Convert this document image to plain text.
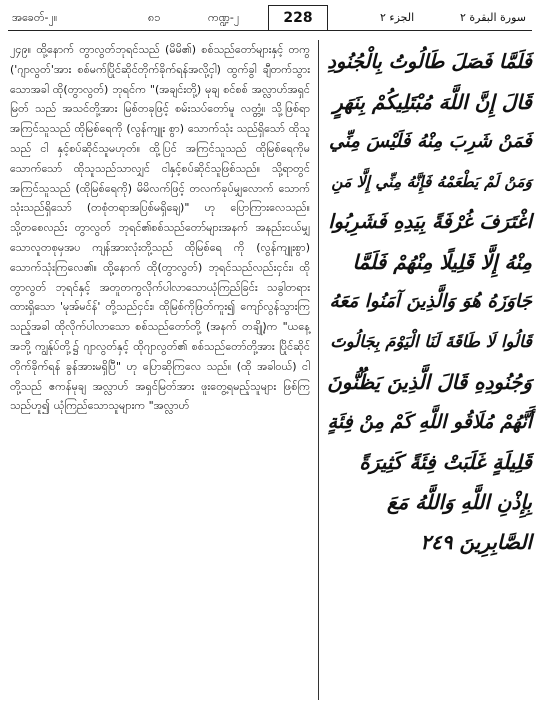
အခေတ်-၂။	၈၁	ကဏ္ဍ-၂	228	الجزء ٢	سورة البقرة ٢

၂၄၉။ ထို့နောက် တွာလွတ်ဘုရင်သည် (မိမိ၏) စစ်သည်တော်များနှင့် တကွ ('ဂျာလွတ်'အား စစ်မက်ပြိုင်ဆိုင်တိုက်ခိုက်ရန်အလို့ငှါ) ထွက်ခွါ ချီတက်သွားသောအခါ ထို(တွာလွတ်) ဘုရင်က "(အချင်းတို့) မုချ စင်စစ် အလ္လာဟ်အရှင်မြတ် သည် အသင်တို့အား မြစ်တခုဖြင့် စမ်းသပ်တော်မူ လတ္တံ့။ သို့ဖြစ်ရာ အကြင်သူသည် ထိုမြစ်ရေကို (လွန်ကျူး စွာ) သောက်သုံး သည်ရှိသော် ထိုသူသည် ငါ နှင့်စပ်ဆိုင်သူမဟုတ်။ ထို့ပြင် အကြင်သူသည် ထိုမြစ်ရေကိုမသောက်သော် ထိုသူသည်သာလျှင် ငါနှင့်စပ်ဆိုင်သူဖြစ်သည်။ သို့ရာတွင် အကြင်သူသည် (ထိုမြစ်ရေကို) မိမိလက်ဖြင့် တလက်ခုပ်မျှလောက် သောက်သုံးသည်ရှိသော် (တစုံတရာအပြစ်မရှိချေ)" ဟု ပြောကြားလေသည်။ သို့တစေလည်း တွာလွတ် ဘုရင်၏စစ်သည်တော်များအနက် အနည်းငယ်မျှ သောလူတစုမှအပ ကျန်အားလုံးတို့သည် ထိုမြစ်ရေ ကို (လွန်ကျူးစွာ) သောက်သုံးကြလေ၏။ ထို့နောက် ထို(တွာလွတ်) ဘုရင်သည်လည်းငှင်း၊ ထိုတွာလွတ် ဘုရင်နှင့် အတူတကွလိုက်ပါလာသောယုံကြည်ခြင်း သခွါတရား ထားရှိသော 'မုအ်မင်န်' တို့သည်ငှင်း၊ ထိုမြစ်ကိုဖြတ်ကူး၍ ကျော်လွန်သွားကြသည့်အခါ ထိုလိုက်ပါလာသော စစ်သည်တော်တို့ (အနက် တချို့)က "ယနေ့အဘို့ ကျွန်ုပ်တို့၌ ဂျာလွတ်နှင့် ထိုဂျာလွတ်၏ စစ်သည်တော်တို့အား ပြိုင်ဆိုင် တိုက်ခိုက်ရန် ခွန်အားမရှိပြီ" ဟု ပြောဆိုကြလေ သည်။ (ထို အခါ၀ယ်) ငါတို့သည် ဧကန်မုချ အလ္လာဟ် အရှင်မြတ်အား ဖူးတွေ့ရမည့်သူများ ဖြစ်ကြသည်ဟူ၍ ယုံကြည်သောသူများက "အလ္လာဟ်

فَلَمَّا فَصَلَ طَالُوتُ بِالْجُنُودِ
قَالَ إِنَّ اللَّهَ مُبْتَلِيكُمْ بِنَهَرٍ
فَمَنْ شَرِبَ مِنْهُ فَلَيْسَ مِنِّي
وَمَنْ لَمْ يَطْعَمْهُ فَإِنَّهُ مِنِّي إِلَّا مَنِ
اغْتَرَفَ غُرْفَةً بِيَدِهِ فَشَرِبُوا
مِنْهُ إِلَّا قَلِيلًا مِنْهُمْ فَلَمَّا
جَاوَزَهُ هُوَ وَالَّذِينَ آمَنُوا مَعَهُ
قَالُوا لَا طَاقَةَ لَنَا الْيَوْمَ بِجَالُوتَ
وَجُنُودِهِ قَالَ الَّذِينَ يَظُنُّونَ
أَنَّهُمْ مُلَاقُو اللَّهِ كَمْ مِنْ فِئَةٍ
قَلِيلَةٍ غَلَبَتْ فِئَةً كَثِيرَةً
بِإِذْنِ اللَّهِ وَاللَّهُ مَعَ
الصَّابِرِينَ ٢٤٩
